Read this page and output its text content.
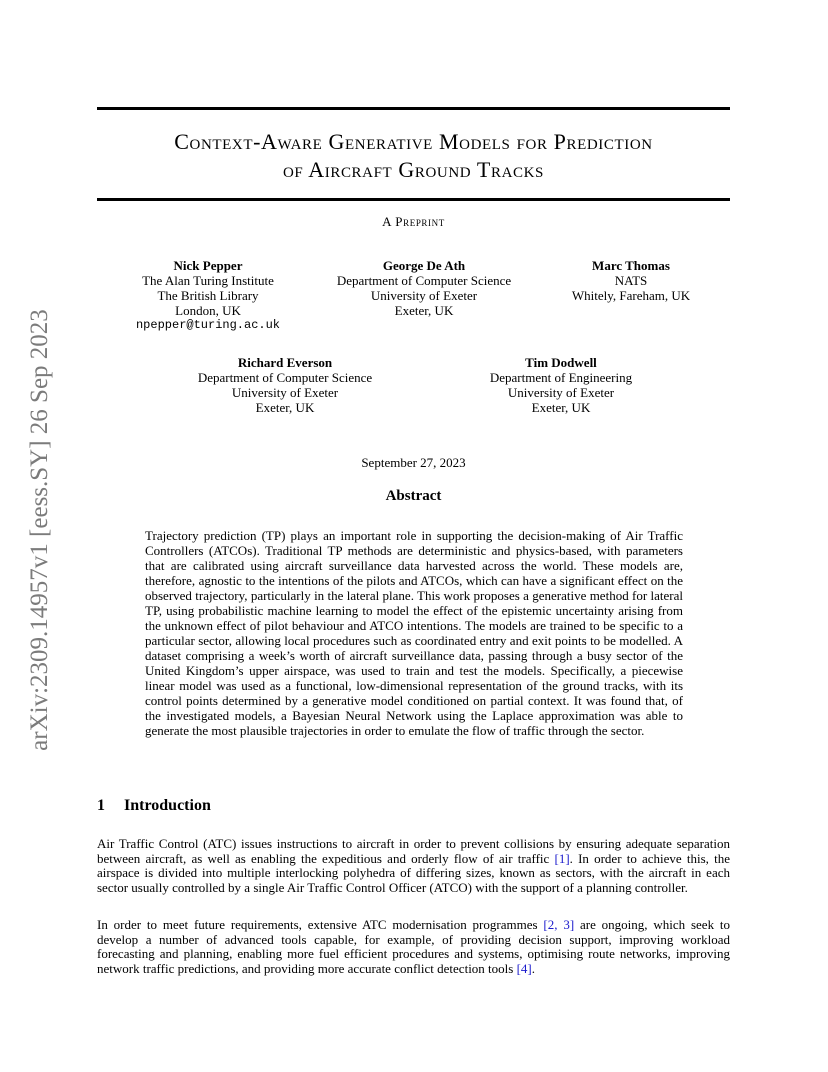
arXiv:2309.14957v1 [eess.SY] 26 Sep 2023
Context-Aware Generative Models for Prediction
of Aircraft Ground Tracks
A Preprint
Nick Pepper
The Alan Turing Institute
The British Library
London, UK
npepper@turing.ac.uk
George De Ath
Department of Computer Science
University of Exeter
Exeter, UK
Marc Thomas
NATS
Whitely, Fareham, UK
Richard Everson
Department of Computer Science
University of Exeter
Exeter, UK
Tim Dodwell
Department of Engineering
University of Exeter
Exeter, UK
September 27, 2023
Abstract
Trajectory prediction (TP) plays an important role in supporting the decision-making of Air Traffic Controllers (ATCOs). Traditional TP methods are deterministic and physics-based, with parameters that are calibrated using aircraft surveillance data harvested across the world. These models are, therefore, agnostic to the intentions of the pilots and ATCOs, which can have a significant effect on the observed trajectory, particularly in the lateral plane. This work proposes a generative method for lateral TP, using probabilistic machine learning to model the effect of the epistemic uncertainty arising from the unknown effect of pilot behaviour and ATCO intentions. The models are trained to be specific to a particular sector, allowing local procedures such as coordinated entry and exit points to be modelled. A dataset comprising a week’s worth of aircraft surveillance data, passing through a busy sector of the United Kingdom’s upper airspace, was used to train and test the models. Specifically, a piecewise linear model was used as a functional, low-dimensional representation of the ground tracks, with its control points determined by a generative model conditioned on partial context. It was found that, of the investigated models, a Bayesian Neural Network using the Laplace approximation was able to generate the most plausible trajectories in order to emulate the flow of traffic through the sector.
1 Introduction
Air Traffic Control (ATC) issues instructions to aircraft in order to prevent collisions by ensuring adequate separation between aircraft, as well as enabling the expeditious and orderly flow of air traffic [1]. In order to achieve this, the airspace is divided into multiple interlocking polyhedra of differing sizes, known as sectors, with the aircraft in each sector usually controlled by a single Air Traffic Control Officer (ATCO) with the support of a planning controller.
In order to meet future requirements, extensive ATC modernisation programmes [2, 3] are ongoing, which seek to develop a number of advanced tools capable, for example, of providing decision support, improving workload forecasting and planning, enabling more fuel efficient procedures and systems, optimising route networks, improving network traffic predictions, and providing more accurate conflict detection tools [4].
